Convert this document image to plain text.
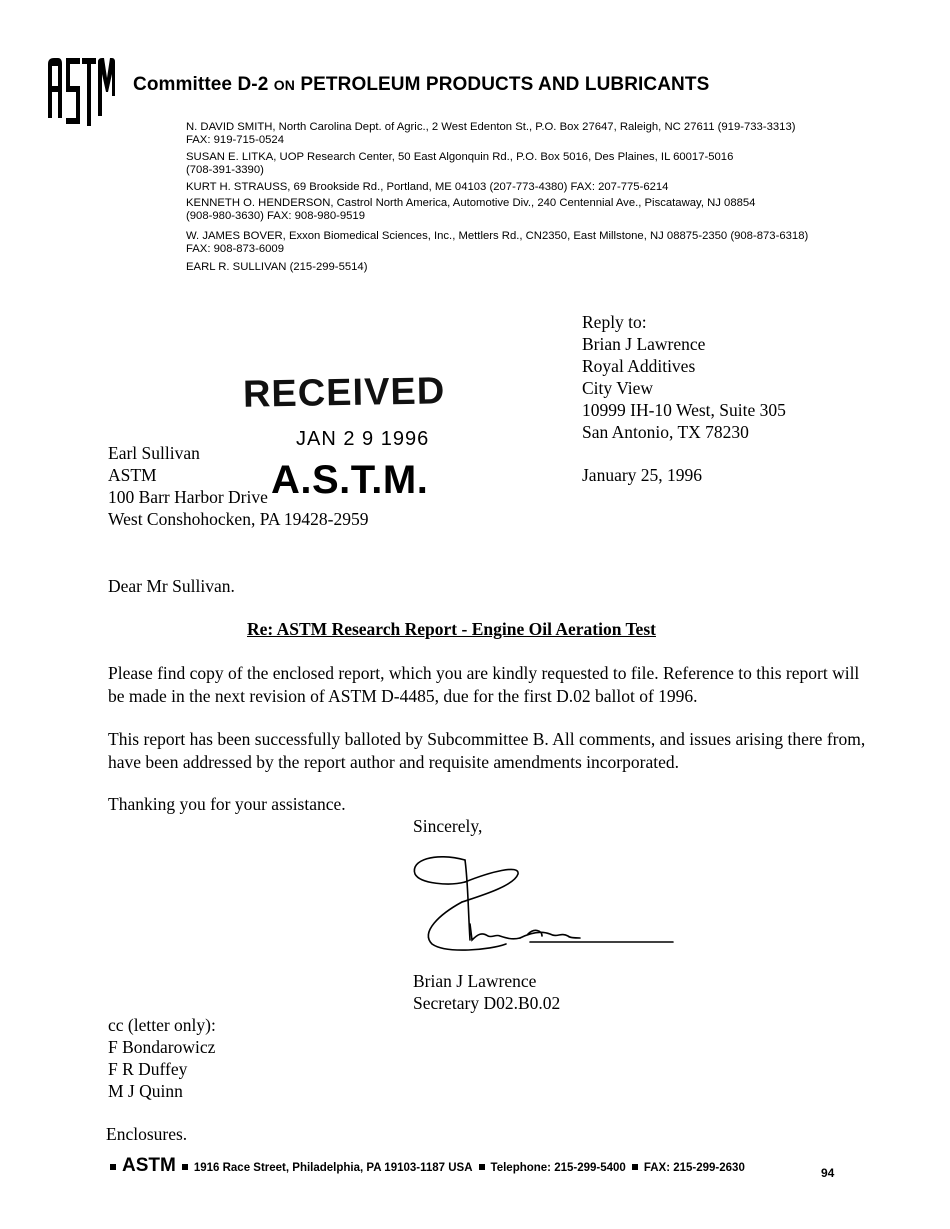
Committee D-2 ON PETROLEUM PRODUCTS AND LUBRICANTS
N. DAVID SMITH, North Carolina Dept. of Agric., 2 West Edenton St., P.O. Box 27647, Raleigh, NC 27611 (919-733-3313)
FAX: 919-715-0524
SUSAN E. LITKA, UOP Research Center, 50 East Algonquin Rd., P.O. Box 5016, Des Plaines, IL 60017-5016
(708-391-3390)
KURT H. STRAUSS, 69 Brookside Rd., Portland, ME 04103 (207-773-4380) FAX: 207-775-6214
KENNETH O. HENDERSON, Castrol North America, Automotive Div., 240 Centennial Ave., Piscataway, NJ 08854
(908-980-3630) FAX: 908-980-9519
W. JAMES BOVER, Exxon Biomedical Sciences, Inc., Mettlers Rd., CN2350, East Millstone, NJ 08875-2350 (908-873-6318)
FAX: 908-873-6009
EARL R. SULLIVAN (215-299-5514)
Reply to:
Brian J Lawrence
Royal Additives
City View
10999 IH-10 West, Suite 305
San Antonio, TX 78230
January 25, 1996
RECEIVED
JAN 2 9 1996
Earl Sullivan
ASTM
100 Barr Harbor Drive
West Conshohocken, PA 19428-2959
A.S.T.M.
Dear Mr Sullivan.
Re: ASTM Research Report - Engine Oil Aeration Test
Please find copy of the enclosed report, which you are kindly requested to file. Reference to this report will be made in the next revision of ASTM D-4485, due for the first D.02 ballot of 1996.
This report has been successfully balloted by Subcommittee B. All comments, and issues arising there from, have been addressed by the report author and requisite amendments incorporated.
Thanking you for your assistance.
Sincerely,
Brian J Lawrence
Secretary D02.B0.02
cc (letter only):
F Bondarowicz
F R Duffey
M J Quinn
Enclosures.
ASTM 1916 Race Street, Philadelphia, PA 19103-1187 USA Telephone: 215-299-5400 FAX: 215-299-2630	94
